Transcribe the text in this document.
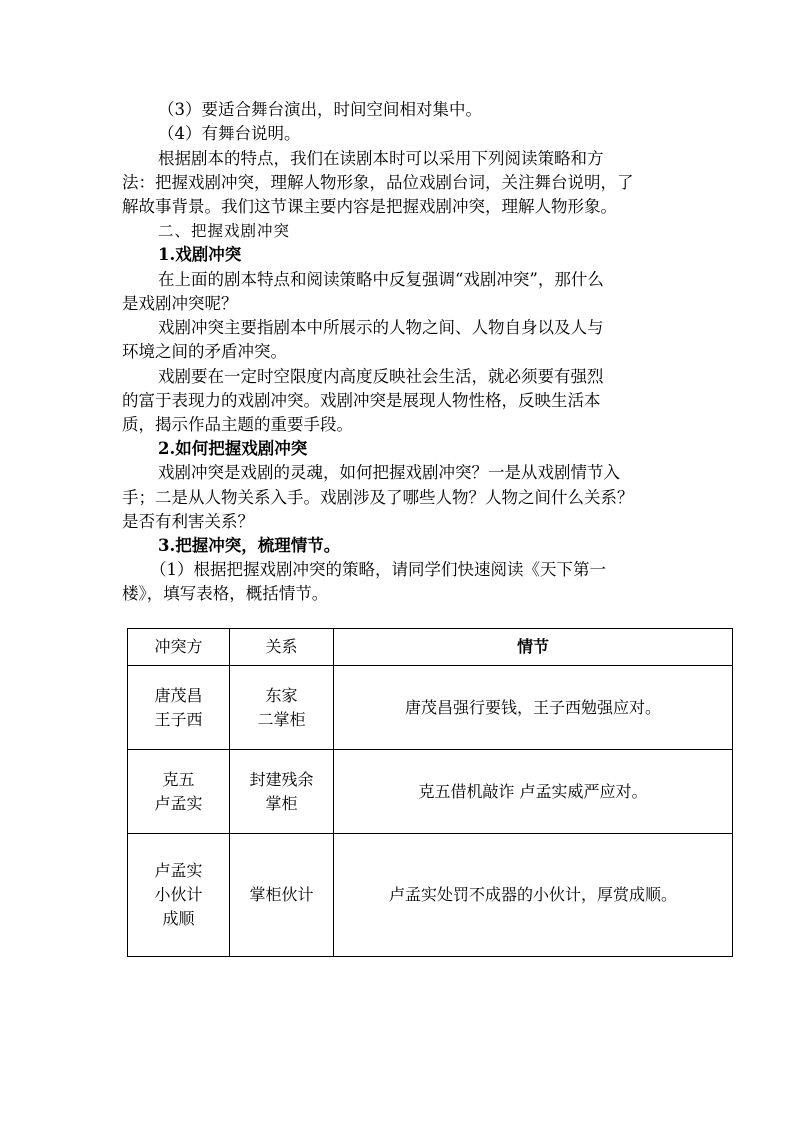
（3）要适合舞台演出，时间空间相对集中。
（4）有舞台说明。
根据剧本的特点，我们在读剧本时可以采用下列阅读策略和方
法：把握戏剧冲突，理解人物形象，品位戏剧台词，关注舞台说明，了
解故事背景。我们这节课主要内容是把握戏剧冲突，理解人物形象。
二、把握戏剧冲突
1.戏剧冲突
在上面的剧本特点和阅读策略中反复强调“戏剧冲突”，那什么
是戏剧冲突呢？
戏剧冲突主要指剧本中所展示的人物之间、人物自身以及人与
环境之间的矛盾冲突。
戏剧要在一定时空限度内高度反映社会生活，就必须要有强烈
的富于表现力的戏剧冲突。戏剧冲突是展现人物性格，反映生活本
质，揭示作品主题的重要手段。
2.如何把握戏剧冲突
戏剧冲突是戏剧的灵魂，如何把握戏剧冲突？一是从戏剧情节入
手；二是从人物关系入手。戏剧涉及了哪些人物？人物之间什么关系？
是否有利害关系？
3.把握冲突，梳理情节。
（1）根据把握戏剧冲突的策略，请同学们快速阅读《天下第一
楼》，填写表格，概括情节。
冲突方	关系	情节

唐茂昌
王子西	东家
二掌柜	唐茂昌强行要钱，王子西勉强应对。

克五
卢孟实	封建残余
掌柜	克五借机敲诈 卢孟实威严应对。

卢孟实
小伙计
成顺	掌柜伙计	卢孟实处罚不成器的小伙计，厚赏成顺。
